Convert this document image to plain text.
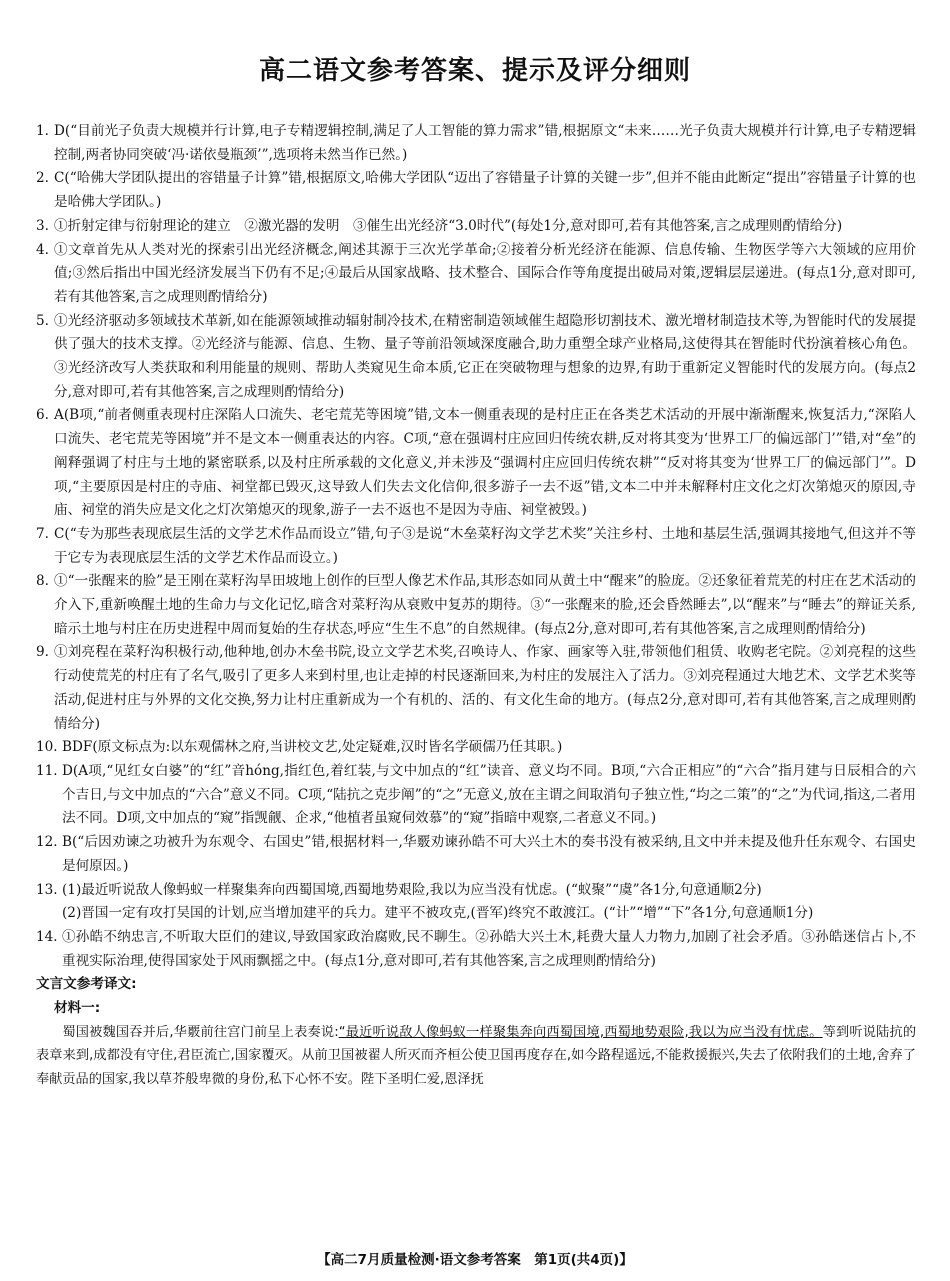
高二语文参考答案、提示及评分细则

1. D(“目前光子负责大规模并行计算,电子专精逻辑控制,满足了人工智能的算力需求”错,根据原文“未来……光子负责大规模并行计算,电子专精逻辑控制,两者协同突破‘冯·诺依曼瓶颈’”,选项将未然当作已然。)

2. C(“哈佛大学团队提出的容错量子计算”错,根据原文,哈佛大学团队“迈出了容错量子计算的关键一步”,但并不能由此断定“提出”容错量子计算的也是哈佛大学团队。)

3. ①折射定律与衍射理论的建立　②激光器的发明　③催生出光经济“3.0时代”(每处1分,意对即可,若有其他答案,言之成理则酌情给分)

4. ①文章首先从人类对光的探索引出光经济概念,阐述其源于三次光学革命;②接着分析光经济在能源、信息传输、生物医学等六大领域的应用价值;③然后指出中国光经济发展当下仍有不足;④最后从国家战略、技术整合、国际合作等角度提出破局对策,逻辑层层递进。(每点1分,意对即可,若有其他答案,言之成理则酌情给分)

5. ①光经济驱动多领域技术革新,如在能源领域推动辐射制冷技术,在精密制造领域催生超隐形切割技术、激光增材制造技术等,为智能时代的发展提供了强大的技术支撑。②光经济与能源、信息、生物、量子等前沿领域深度融合,助力重塑全球产业格局,这使得其在智能时代扮演着核心角色。③光经济改写人类获取和利用能量的规则、帮助人类窥见生命本质,它正在突破物理与想象的边界,有助于重新定义智能时代的发展方向。(每点2分,意对即可,若有其他答案,言之成理则酌情给分)

6. A(B项,“前者侧重表现村庄深陷人口流失、老宅荒芜等困境”错,文本一侧重表现的是村庄正在各类艺术活动的开展中渐渐醒来,恢复活力,“深陷人口流失、老宅荒芜等困境”并不是文本一侧重表达的内容。C项,“意在强调村庄应回归传统农耕,反对将其变为‘世界工厂的偏远部门’”错,对“垒”的阐释强调了村庄与土地的紧密联系,以及村庄所承载的文化意义,并未涉及“强调村庄应回归传统农耕”“反对将其变为‘世界工厂的偏远部门’”。D项,“主要原因是村庄的寺庙、祠堂都已毁灭,这导致人们失去文化信仰,很多游子一去不返”错,文本二中并未解释村庄文化之灯次第熄灭的原因,寺庙、祠堂的消失应是文化之灯次第熄灭的现象,游子一去不返也不是因为寺庙、祠堂被毁。)

7. C(“专为那些表现底层生活的文学艺术作品而设立”错,句子③是说“木垒菜籽沟文学艺术奖”关注乡村、土地和基层生活,强调其接地气,但这并不等于它专为表现底层生活的文学艺术作品而设立。)

8. ①“一张醒来的脸”是王刚在菜籽沟旱田坡地上创作的巨型人像艺术作品,其形态如同从黄土中“醒来”的脸庞。②还象征着荒芜的村庄在艺术活动的介入下,重新唤醒土地的生命力与文化记忆,暗含对菜籽沟从衰败中复苏的期待。③“一张醒来的脸,还会昏然睡去”,以“醒来”与“睡去”的辩证关系,暗示土地与村庄在历史进程中周而复始的生存状态,呼应“生生不息”的自然规律。(每点2分,意对即可,若有其他答案,言之成理则酌情给分)

9. ①刘亮程在菜籽沟积极行动,他种地,创办木垒书院,设立文学艺术奖,召唤诗人、作家、画家等入驻,带领他们租赁、收购老宅院。②刘亮程的这些行动使荒芜的村庄有了名气,吸引了更多人来到村里,也让走掉的村民逐渐回来,为村庄的发展注入了活力。③刘亮程通过大地艺术、文学艺术奖等活动,促进村庄与外界的文化交换,努力让村庄重新成为一个有机的、活的、有文化生命的地方。(每点2分,意对即可,若有其他答案,言之成理则酌情给分)

10. BDF(原文标点为:以东观儒林之府,当讲校文艺,处定疑难,汉时皆名学硕儒乃任其职。)

11. D(A项,“见红女白婆”的“红”音hóng,指红色,着红装,与文中加点的“红”读音、意义均不同。B项,“六合正相应”的“六合”指月建与日辰相合的六个吉日,与文中加点的“六合”意义不同。C项,“陆抗之克步阐”的“之”无意义,放在主谓之间取消句子独立性,“均之二策”的“之”为代词,指这,二者用法不同。D项,文中加点的“窥”指觊觎、企求,“他植者虽窥伺效慕”的“窥”指暗中观察,二者意义不同。)

12. B(“后因劝谏之功被升为东观令、右国史”错,根据材料一,华覈劝谏孙皓不可大兴土木的奏书没有被采纳,且文中并未提及他升任东观令、右国史是何原因。)

13. (1)最近听说敌人像蚂蚁一样聚集奔向西蜀国境,西蜀地势艰险,我以为应当没有忧虑。(“蚁聚”“虞”各1分,句意通顺2分)

(2)晋国一定有攻打吴国的计划,应当增加建平的兵力。建平不被攻克,(晋军)终究不敢渡江。(“计”“增”“下”各1分,句意通顺1分)

14. ①孙皓不纳忠言,不听取大臣们的建议,导致国家政治腐败,民不聊生。②孙皓大兴土木,耗费大量人力物力,加剧了社会矛盾。③孙皓迷信占卜,不重视实际治理,使得国家处于风雨飘摇之中。(每点1分,意对即可,若有其他答案,言之成理则酌情给分)

文言文参考译文:

材料一:

蜀国被魏国吞并后,华覈前往宫门前呈上表奏说:“最近听说敌人像蚂蚁一样聚集奔向西蜀国境,西蜀地势艰险,我以为应当没有忧虑。等到听说陆抗的表章来到,成都没有守住,君臣流亡,国家覆灭。从前卫国被翟人所灭而齐桓公使卫国再度存在,如今路程遥远,不能救援振兴,失去了依附我们的土地,舍弃了奉献贡品的国家,我以草芥般卑微的身份,私下心怀不安。陛下圣明仁爱,恩泽抚

【高二7月质量检测·语文参考答案　第1页(共4页)】
